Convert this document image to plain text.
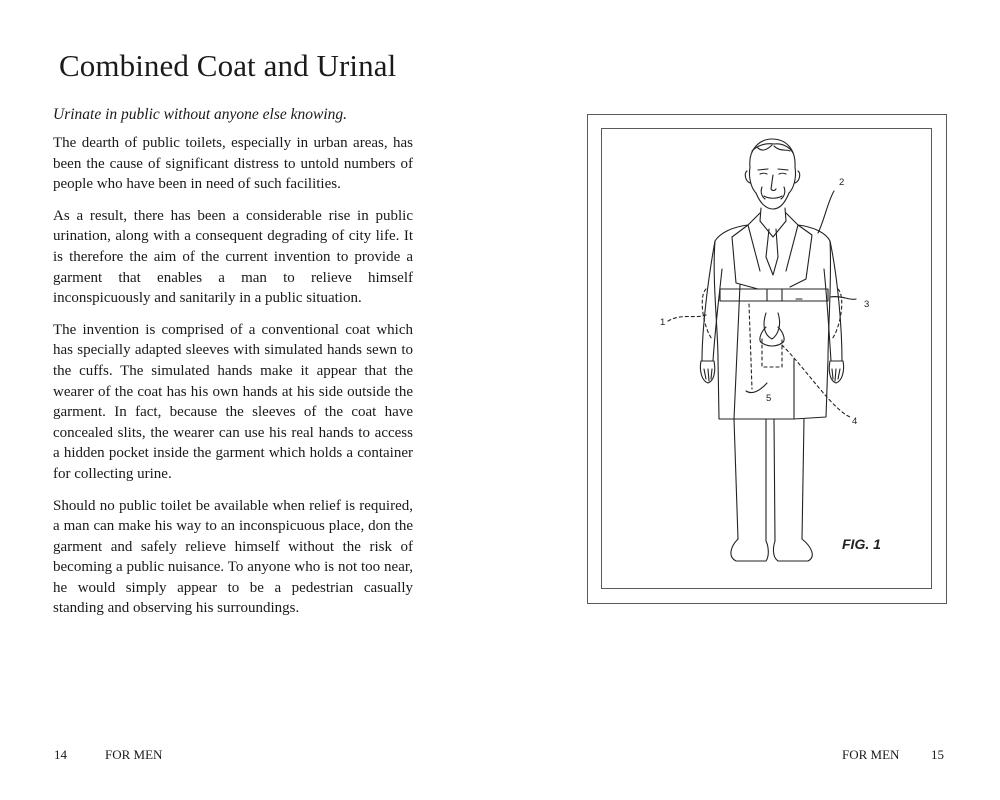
Combined Coat and Urinal

Urinate in public without anyone else knowing.

The dearth of public toilets, especially in urban areas, has been the cause of significant distress to untold numbers of people who have been in need of such facilities.

As a result, there has been a considerable rise in public urination, along with a consequent degrading of city life. It is therefore the aim of the current invention to provide a garment that enables a man to relieve himself inconspicuously and sanitarily in a public situation.

The invention is comprised of a conventional coat which has specially adapted sleeves with simulated hands sewn to the cuffs. The simulated hands make it appear that the wearer of the coat has his own hands at his side outside the garment. In fact, because the sleeves of the coat have concealed slits, the wearer can use his real hands to access a hidden pocket inside the garment which holds a container for collecting urine.

Should no public toilet be available when relief is required, a man can make his way to an inconspicuous place, don the garment and safely relieve himself without the risk of becoming a public nuisance. To anyone who is not too near, he would simply appear to be a pedestrian casually standing and observing his surroundings.

1
2
3
4
5
FIG. 1
14	FOR MEN	FOR MEN 15
